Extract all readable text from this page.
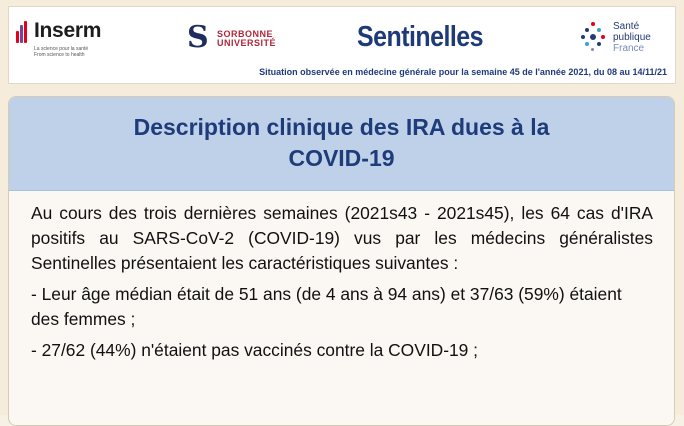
Inserm
La science pour la santé
From science to health	S SORBONNE
UNIVERSITÉ	Sentinelles	Santé
publique
France
Situation observée en médecine générale pour la semaine 45 de l'année 2021, du 08 au 14/11/21
Description clinique des IRA dues à la
COVID-19

Au cours des trois dernières semaines (2021s43 - 2021s45), les 64 cas d'IRA positifs au SARS-CoV-2 (COVID-19) vus par les médecins généralistes Sentinelles présentaient les caractéristiques suivantes :

- Leur âge médian était de 51 ans (de 4 ans à 94 ans) et 37/63 (59%) étaient des femmes ;

- 27/62 (44%) n'étaient pas vaccinés contre la COVID-19 ;
